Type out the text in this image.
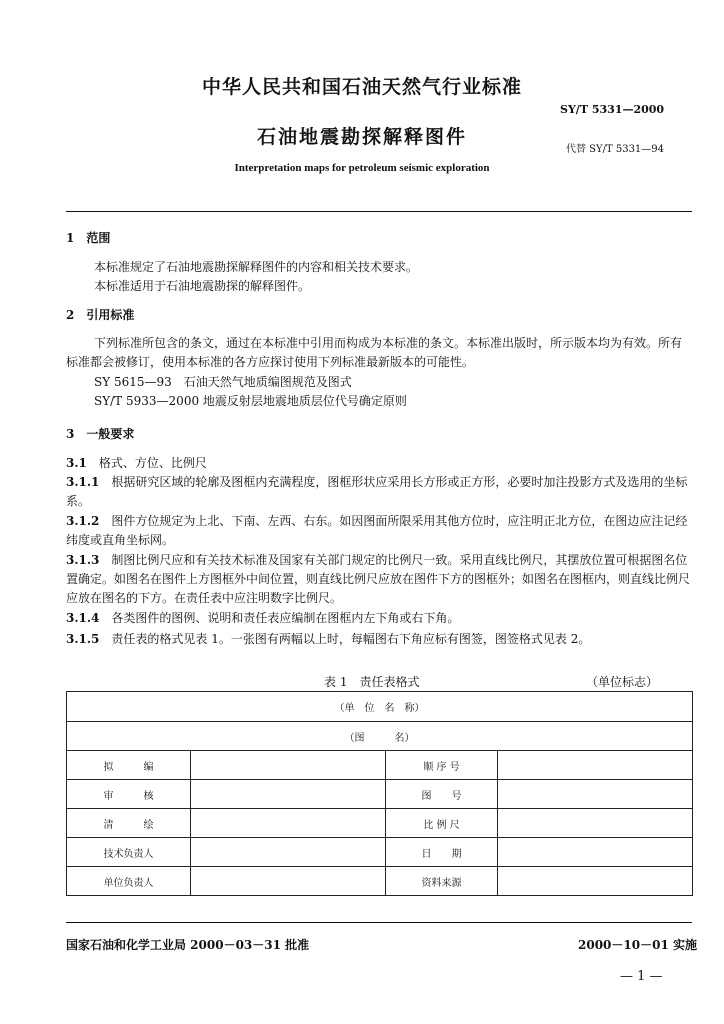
中华人民共和国石油天然气行业标准
SY/T 5331—2000
石油地震勘探解释图件
代替 SY/T 5331—94
Interpretation maps for petroleum seismic exploration
1　范围
本标准规定了石油地震勘探解释图件的内容和相关技术要求。
本标准适用于石油地震勘探的解释图件。
2　引用标准
下列标准所包含的条文，通过在本标准中引用而构成为本标准的条文。本标准出版时，所示版本均为有效。所有标准都会被修订，使用本标准的各方应探讨使用下列标准最新版本的可能性。
SY 5615—93　石油天然气地质编图规范及图式
SY/T 5933—2000 地震反射层地震地质层位代号确定原则
3　一般要求
3.1　 格式、方位、比例尺
3.1.1　 根据研究区域的轮廓及图框内充满程度，图框形状应采用长方形或正方形，必要时加注投影方式及选用的坐标系。
3.1.2　 图件方位规定为上北、下南、左西、右东。如因图面所限采用其他方位时，应注明正北方位，在图边应注记经纬度或直角坐标网。
3.1.3　 制图比例尺应和有关技术标准及国家有关部门规定的比例尺一致。采用直线比例尺，其摆放位置可根据图名位置确定。如图名在图件上方图框外中间位置，则直线比例尺应放在图件下方的图框外；如图名在图框内，则直线比例尺应放在图名的下方。在责任表中应注明数字比例尺。
3.1.4　 各类图件的图例、说明和责任表应编制在图框内左下角或右下角。
3.1.5　 责任表的格式见表 1。一张图有两幅以上时，每幅图右下角应标有图签，图签格式见表 2。
表 1　责任表格式	（单位标志）
（单　位　名　称）			
（图　　　名）			
拟　　　编		顺 序 号	
审　　　核		图　　号	
清　　　绘		比 例 尺	
技术负责人		日　　期	
单位负责人		资料来源	
国家石油和化学工业局 2000－03－31 批准	2000－10－01 实施
— 1 —
